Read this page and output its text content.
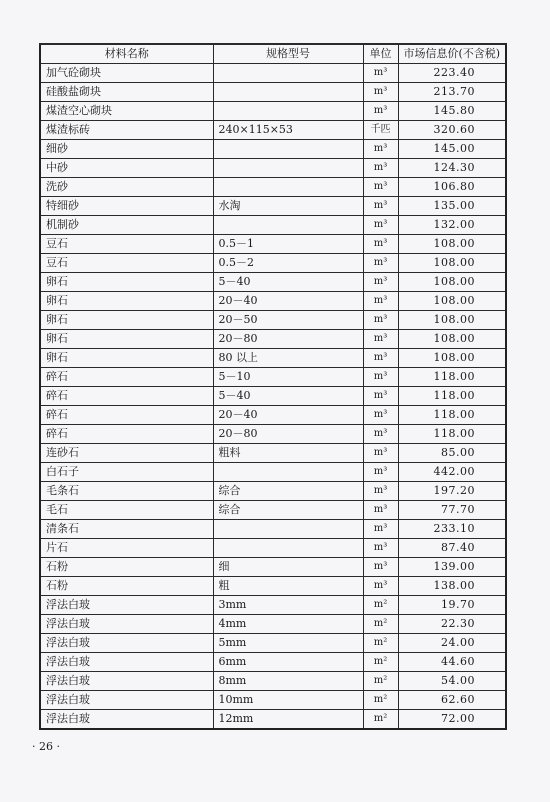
材料名称	规格型号	单位	市场信息价(不含税)
加气砼砌块		m³	223.40
硅酸盐砌块		m³	213.70
煤渣空心砌块		m³	145.80
煤渣标砖	240×115×53	千匹	320.60
细砂		m³	145.00
中砂		m³	124.30
洗砂		m³	106.80
特细砂	水淘	m³	135.00
机制砂		m³	132.00
豆石	0.5－1	m³	108.00
豆石	0.5－2	m³	108.00
卵石	5－40	m³	108.00
卵石	20－40	m³	108.00
卵石	20－50	m³	108.00
卵石	20－80	m³	108.00
卵石	80 以上	m³	108.00
碎石	5－10	m³	118.00
碎石	5－40	m³	118.00
碎石	20－40	m³	118.00
碎石	20－80	m³	118.00
连砂石	粗料	m³	85.00
白石子		m³	442.00
毛条石	综合	m³	197.20
毛石	综合	m³	77.70
清条石		m³	233.10
片石		m³	87.40
石粉	细	m³	139.00
石粉	粗	m³	138.00
浮法白玻	3mm	m²	19.70
浮法白玻	4mm	m²	22.30
浮法白玻	5mm	m²	24.00
浮法白玻	6mm	m²	44.60
浮法白玻	8mm	m²	54.00
浮法白玻	10mm	m²	62.60
浮法白玻	12mm	m²	72.00
· 26 ·
